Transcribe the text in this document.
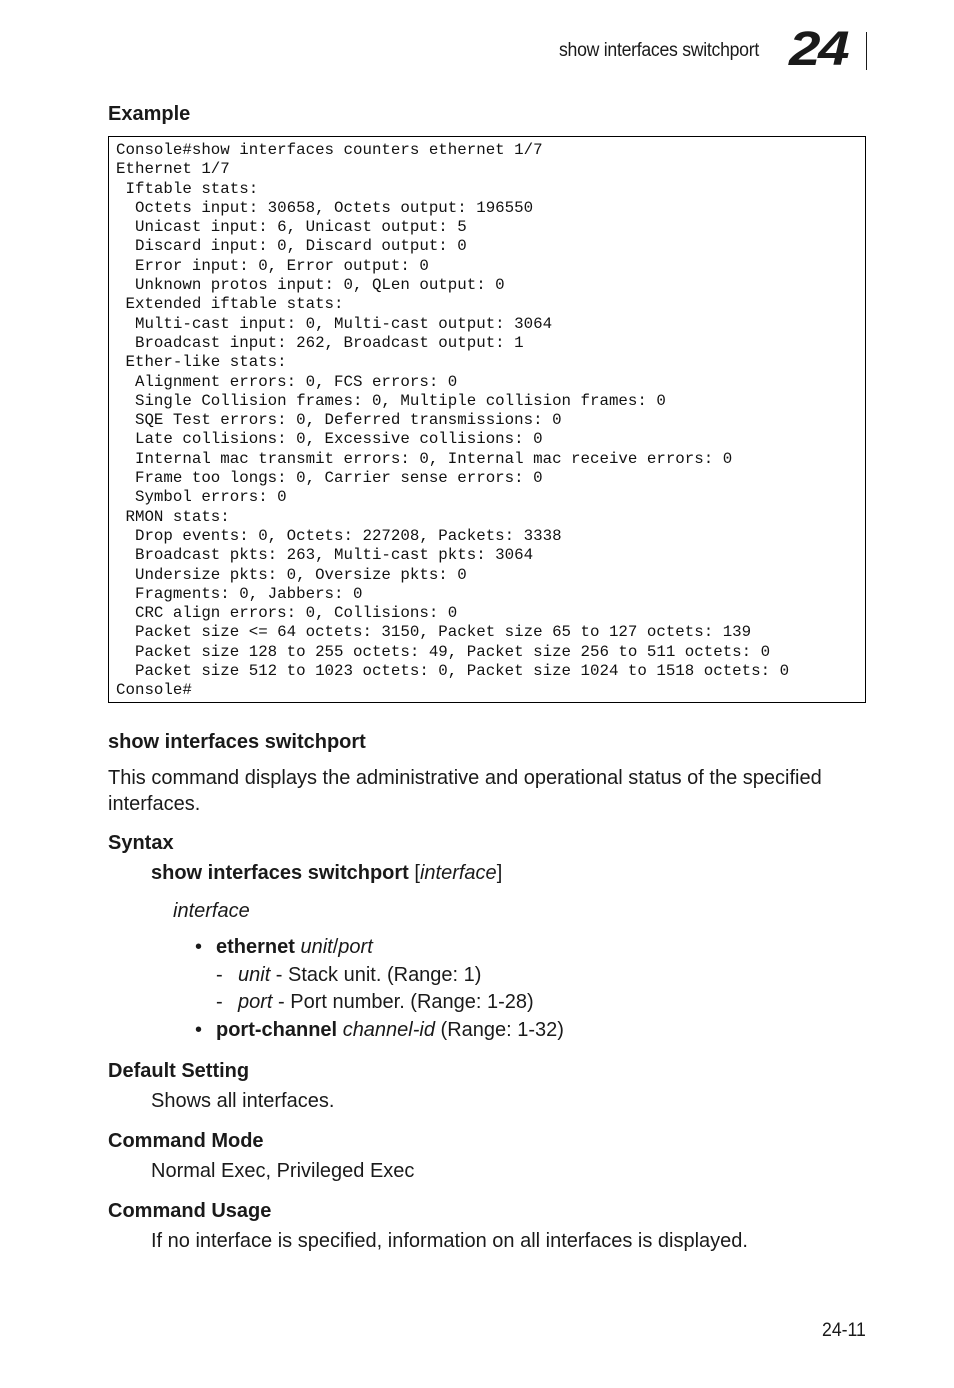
show interfaces switchport 24
Example
Console#show interfaces counters ethernet 1/7
Ethernet 1/7
Iftable stats:
Octets input: 30658, Octets output: 196550
Unicast input: 6, Unicast output: 5
Discard input: 0, Discard output: 0
Error input: 0, Error output: 0
Unknown protos input: 0, QLen output: 0
Extended iftable stats:
Multi-cast input: 0, Multi-cast output: 3064
Broadcast input: 262, Broadcast output: 1
Ether-like stats:
Alignment errors: 0, FCS errors: 0
Single Collision frames: 0, Multiple collision frames: 0
SQE Test errors: 0, Deferred transmissions: 0
Late collisions: 0, Excessive collisions: 0
Internal mac transmit errors: 0, Internal mac receive errors: 0
Frame too longs: 0, Carrier sense errors: 0
Symbol errors: 0
RMON stats:
Drop events: 0, Octets: 227208, Packets: 3338
Broadcast pkts: 263, Multi-cast pkts: 3064
Undersize pkts: 0, Oversize pkts: 0
Fragments: 0, Jabbers: 0
CRC align errors: 0, Collisions: 0
Packet size <= 64 octets: 3150, Packet size 65 to 127 octets: 139
Packet size 128 to 255 octets: 49, Packet size 256 to 511 octets: 0
Packet size 512 to 1023 octets: 0, Packet size 1024 to 1518 octets: 0
Console#
show interfaces switchport
This command displays the administrative and operational status of the specified interfaces.
Syntax
show interfaces switchport [interface]
interface
• ethernet unit/port
- unit - Stack unit. (Range: 1)
- port - Port number. (Range: 1-28)
• port-channel channel-id (Range: 1-32)
Default Setting
Shows all interfaces.
Command Mode
Normal Exec, Privileged Exec
Command Usage
If no interface is specified, information on all interfaces is displayed.
24-11
